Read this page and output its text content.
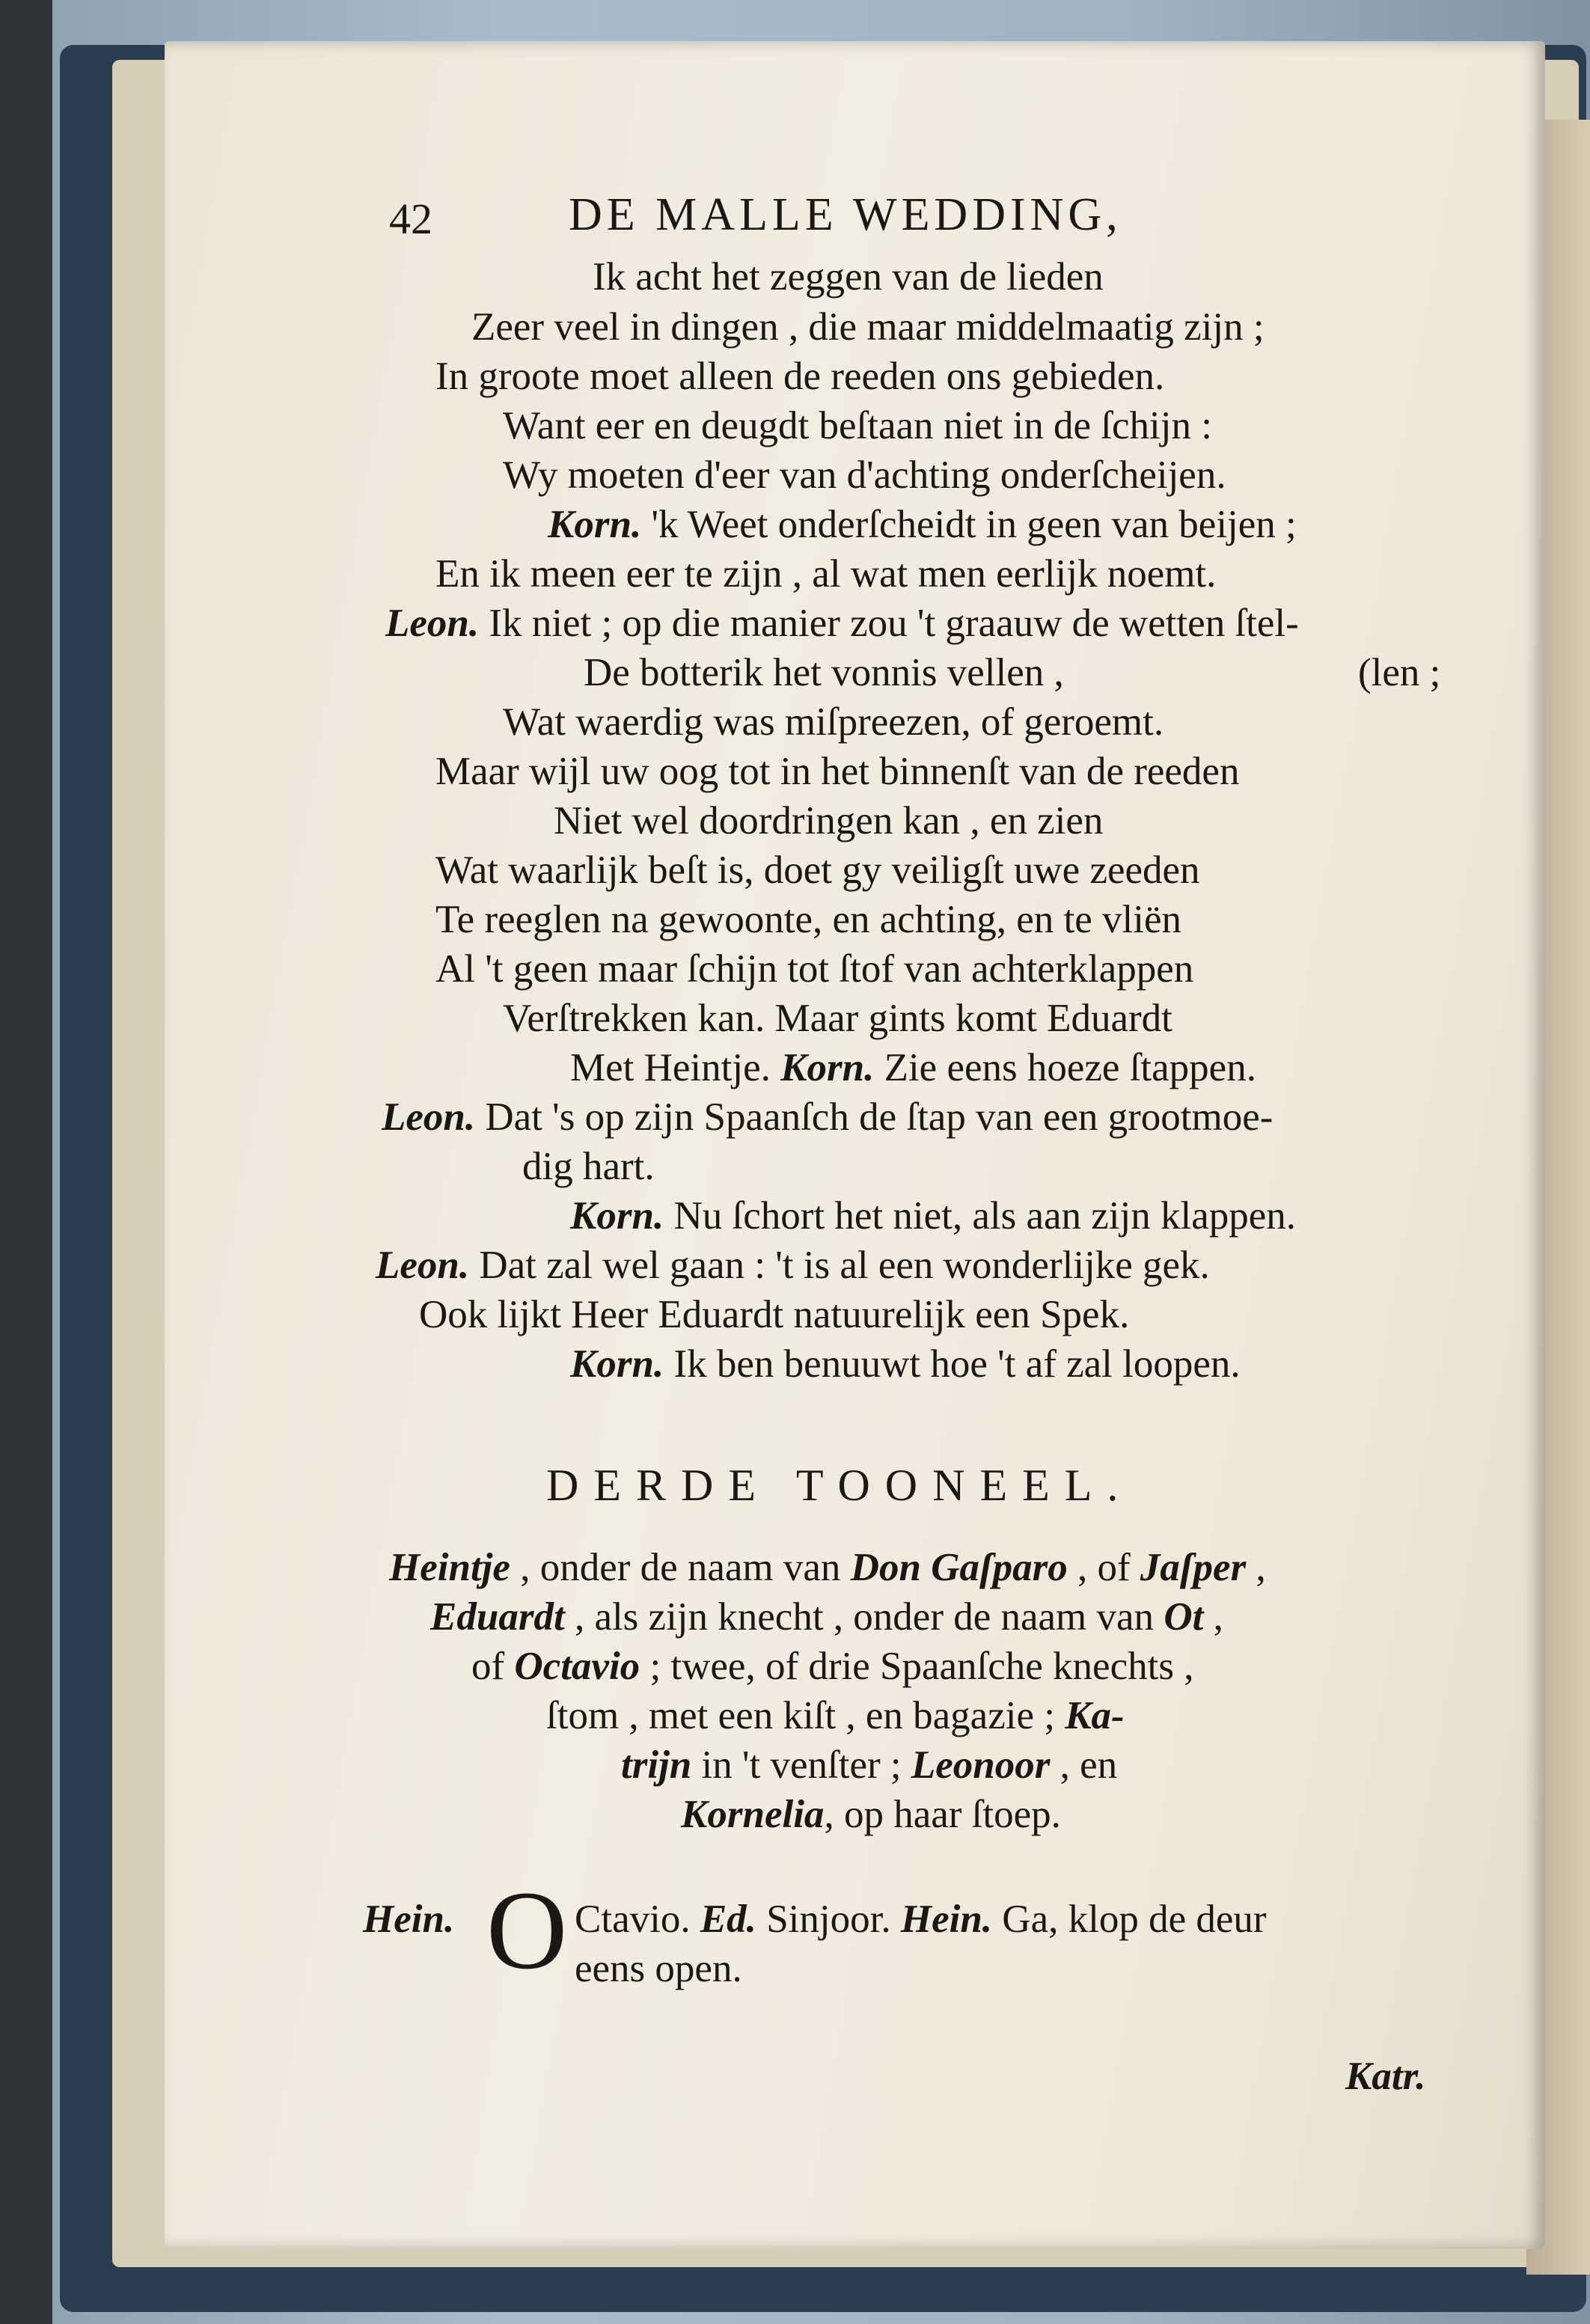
42	DE MALLE WEDDING,
Ik acht het zeggen van de lieden
Zeer veel in dingen , die maar middelmaatig zijn ;
In groote moet alleen de reeden ons gebieden.
Want eer en deugdt beſtaan niet in de ſchijn :
Wy moeten d'eer van d'achting onderſcheijen.
Korn. 'k Weet onderſcheidt in geen van beijen ;
En ik meen eer te zijn , al wat men eerlijk noemt.
Leon. Ik niet ; op die manier zou 't graauw de wetten ſtel-
De botterik het vonnis vellen ,	(len ;
Wat waerdig was miſpreezen, of geroemt.
Maar wijl uw oog tot in het binnenſt van de reeden
Niet wel doordringen kan , en zien
Wat waarlijk beſt is, doet gy veiligſt uwe zeeden
Te reeglen na gewoonte, en achting, en te vliën
Al 't geen maar ſchijn tot ſtof van achterklappen
Verſtrekken kan. Maar gints komt Eduardt
Met Heintje. Korn. Zie eens hoeze ſtappen.
Leon. Dat 's op zijn Spaanſch de ſtap van een grootmoe-
dig hart.
Korn. Nu ſchort het niet, als aan zijn klappen.
Leon. Dat zal wel gaan : 't is al een wonderlijke gek.
Ook lijkt Heer Eduardt natuurelijk een Spek.
Korn. Ik ben benuuwt hoe 't af zal loopen.
DERDE TOONEEL.
Heintje , onder de naam van Don Gaſparo , of Jaſper ,
Eduardt , als zijn knecht , onder de naam van Ot ,
of Octavio ; twee, of drie Spaanſche knechts ,
ſtom , met een kiſt , en bagazie ; Ka-
trijn in 't venſter ; Leonoor , en
Kornelia, op haar ſtoep.
Hein. O Ctavio. Ed. Sinjoor. Hein. Ga, klop de deur
eens open.
Katr.
